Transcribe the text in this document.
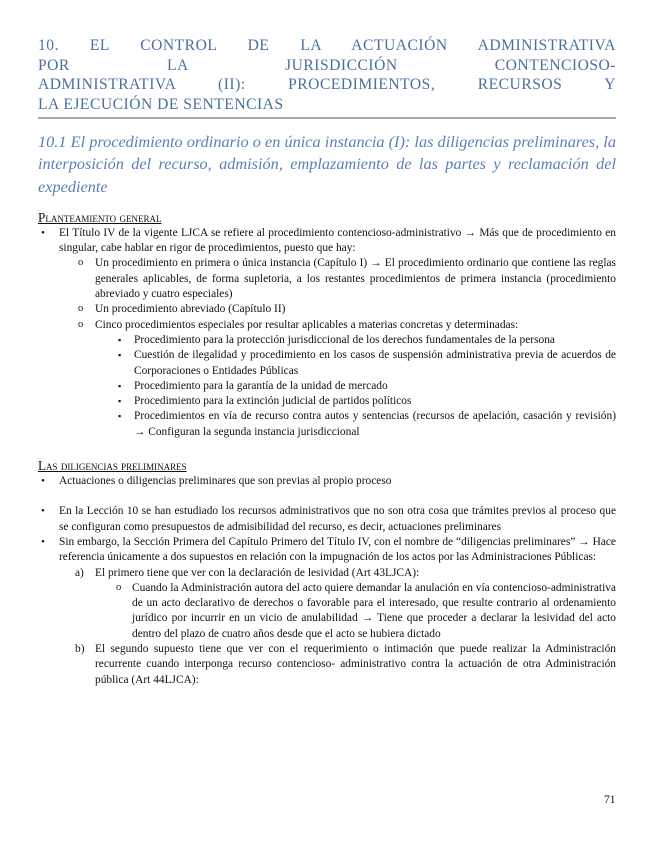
10. EL CONTROL DE LA ACTUACIÓN ADMINISTRATIVA
POR LA JURISDICCIÓN CONTENCIOSO-
ADMINISTRATIVA (II): PROCEDIMIENTOS, RECURSOS Y
LA EJECUCIÓN DE SENTENCIAS
10.1 El procedimiento ordinario o en única instancia (I): las diligencias preliminares, la interposición del recurso, admisión, emplazamiento de las partes y reclamación del expediente
Planteamiento general
• El Título IV de la vigente LJCA se refiere al procedimiento contencioso-administrativo → Más que de procedimiento en singular, cabe hablar en rigor de procedimientos, puesto que hay:
o Un procedimiento en primera o única instancia (Capítulo I) → El procedimiento ordinario que contiene las reglas generales aplicables, de forma supletoria, a los restantes procedimientos de primera instancia (procedimiento abreviado y cuatro especiales)
o Un procedimiento abreviado (Capítulo II)
o Cinco procedimientos especiales por resultar aplicables a materias concretas y determinadas:
▪ Procedimiento para la protección jurisdiccional de los derechos fundamentales de la persona
▪ Cuestión de ilegalidad y procedimiento en los casos de suspensión administrativa previa de acuerdos de Corporaciones o Entidades Públicas
▪ Procedimiento para la garantía de la unidad de mercado
▪ Procedimiento para la extinción judicial de partidos políticos
▪ Procedimientos en vía de recurso contra autos y sentencias (recursos de apelación, casación y revisión) → Configuran la segunda instancia jurisdiccional
Las diligencias preliminares
• Actuaciones o diligencias preliminares que son previas al propio proceso
• En la Lección 10 se han estudiado los recursos administrativos que no son otra cosa que trámites previos al proceso que se configuran como presupuestos de admisibilidad del recurso, es decir, actuaciones preliminares
• Sin embargo, la Sección Primera del Capítulo Primero del Título IV, con el nombre de “diligencias preliminares” → Hace referencia únicamente a dos supuestos en relación con la impugnación de los actos por las Administraciones Públicas:
a) El primero tiene que ver con la declaración de lesividad (Art 43LJCA):
o Cuando la Administración autora del acto quiere demandar la anulación en vía contencioso-administrativa de un acto declarativo de derechos o favorable para el interesado, que resulte contrario al ordenamiento jurídico por incurrir en un vicio de anulabilidad → Tiene que proceder a declarar la lesividad del acto dentro del plazo de cuatro años desde que el acto se hubiera dictado
b) El segundo supuesto tiene que ver con el requerimiento o intimación que puede realizar la Administración recurrente cuando interponga recurso contencioso- administrativo contra la actuación de otra Administración pública (Art 44LJCA):
71
